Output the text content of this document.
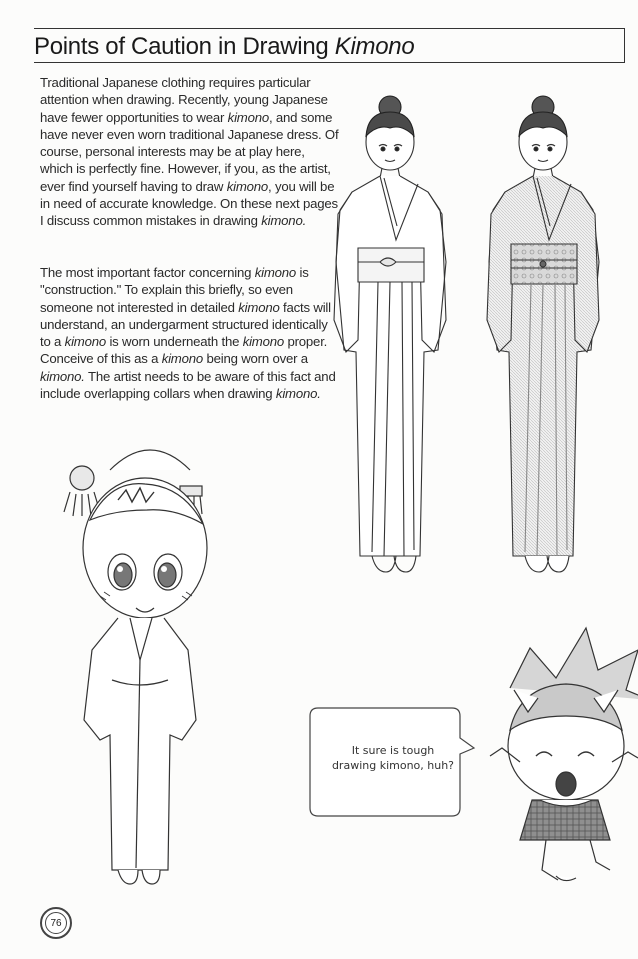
Points of Caution in Drawing Kimono

Traditional Japanese clothing requires particular attention when drawing. Recently, young Japanese have fewer opportunities to wear kimono, and some have never even worn traditional Japanese dress. Of course, personal interests may be at play here, which is perfectly fine. However, if you, as the artist, ever find yourself having to draw kimono, you will be in need of accurate knowledge. On these next pages I discuss common mistakes in drawing kimono.

The most important factor concerning kimono is "construction." To explain this briefly, so even someone not interested in detailed kimono facts will understand, an undergarment structured identically to a kimono is worn underneath the kimono proper. Conceive of this as a kimono being worn over a kimono. The artist needs to be aware of this fact and include overlapping collars when drawing kimono.

It sure is tough
drawing kimono, huh?
76
